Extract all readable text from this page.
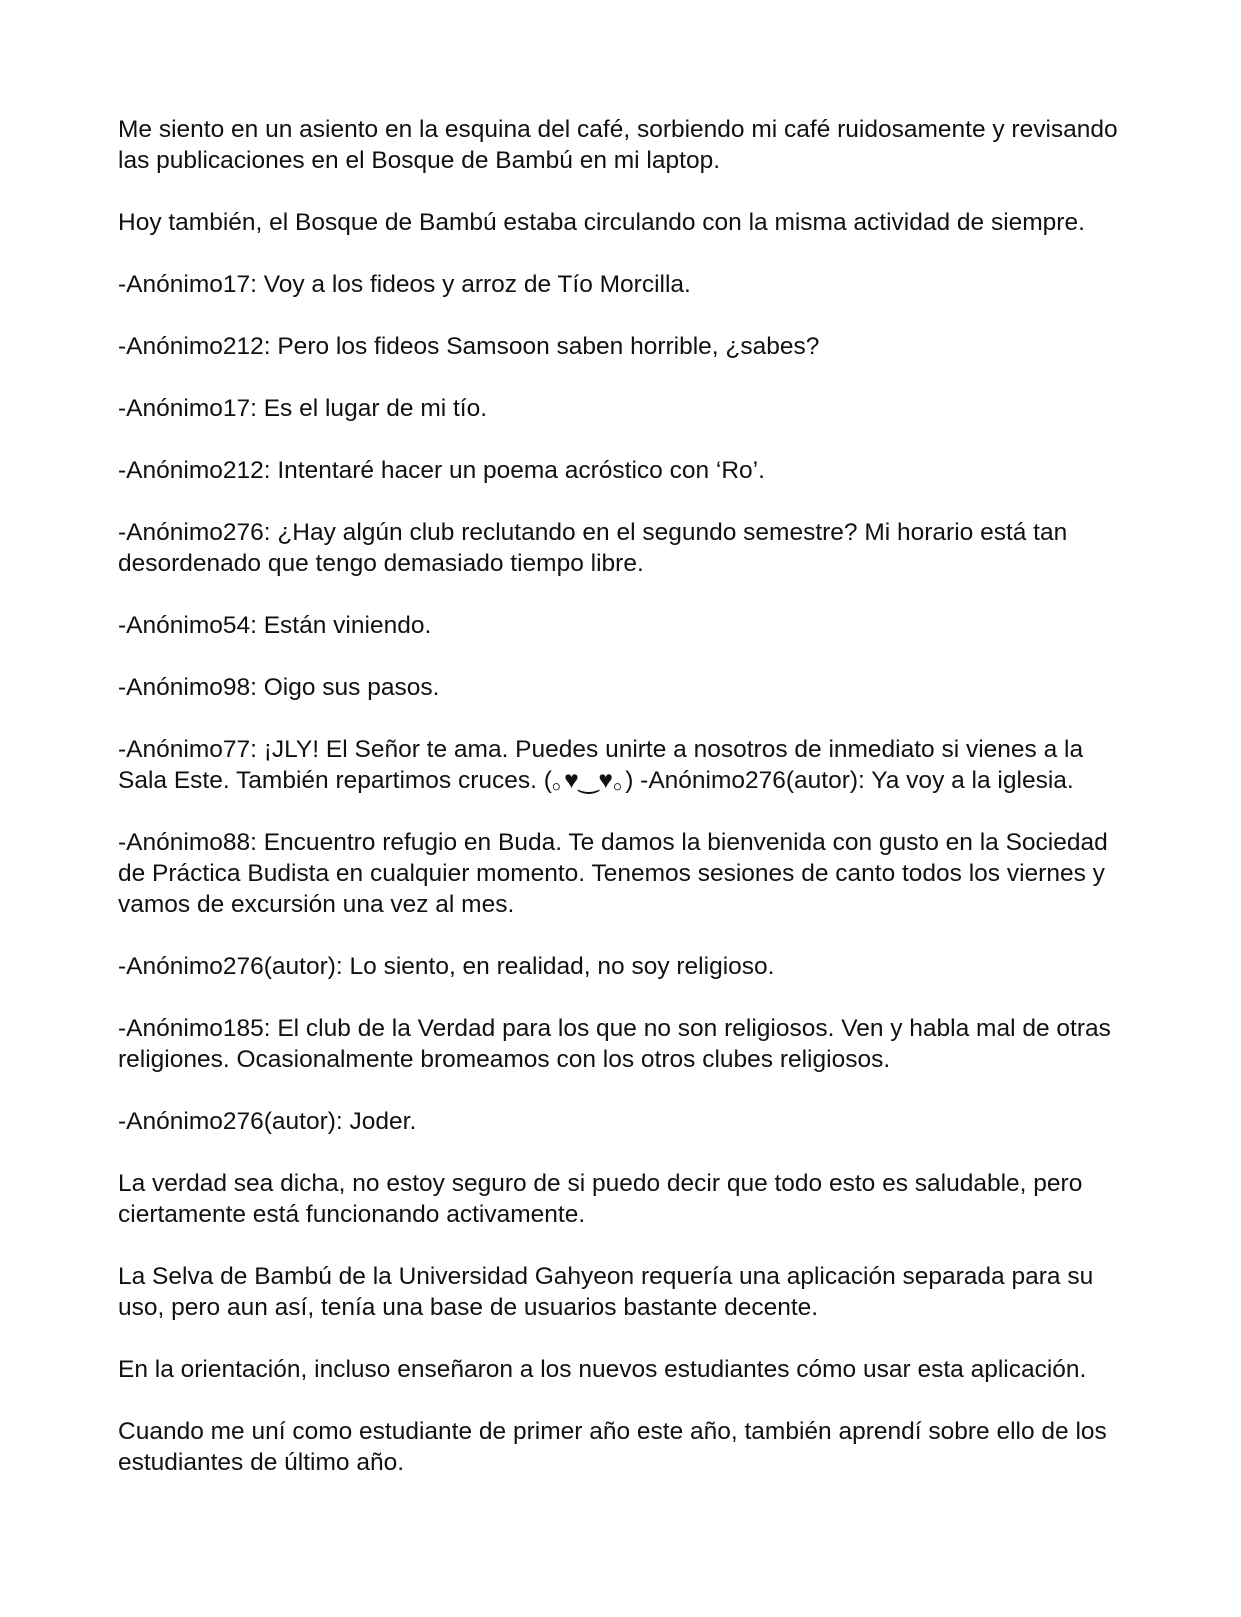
Me siento en un asiento en la esquina del café, sorbiendo mi café ruidosamente y revisando las publicaciones en el Bosque de Bambú en mi laptop.

Hoy también, el Bosque de Bambú estaba circulando con la misma actividad de siempre.

-Anónimo17: Voy a los fideos y arroz de Tío Morcilla.

-Anónimo212: Pero los fideos Samsoon saben horrible, ¿sabes?

-Anónimo17: Es el lugar de mi tío.

-Anónimo212: Intentaré hacer un poema acróstico con ‘Ro’.

-Anónimo276: ¿Hay algún club reclutando en el segundo semestre? Mi horario está tan desordenado que tengo demasiado tiempo libre.

-Anónimo54: Están viniendo.

-Anónimo98: Oigo sus pasos.

-Anónimo77: ¡JLY! El Señor te ama. Puedes unirte a nosotros de inmediato si vienes a la Sala Este. También repartimos cruces. (｡♥‿♥｡) -Anónimo276(autor): Ya voy a la iglesia.

-Anónimo88: Encuentro refugio en Buda. Te damos la bienvenida con gusto en la Sociedad de Práctica Budista en cualquier momento. Tenemos sesiones de canto todos los viernes y vamos de excursión una vez al mes.

-Anónimo276(autor): Lo siento, en realidad, no soy religioso.

-Anónimo185: El club de la Verdad para los que no son religiosos. Ven y habla mal de otras religiones. Ocasionalmente bromeamos con los otros clubes religiosos.

-Anónimo276(autor): Joder.

La verdad sea dicha, no estoy seguro de si puedo decir que todo esto es saludable, pero ciertamente está funcionando activamente.

La Selva de Bambú de la Universidad Gahyeon requería una aplicación separada para su uso, pero aun así, tenía una base de usuarios bastante decente.

En la orientación, incluso enseñaron a los nuevos estudiantes cómo usar esta aplicación.

Cuando me uní como estudiante de primer año este año, también aprendí sobre ello de los estudiantes de último año.
